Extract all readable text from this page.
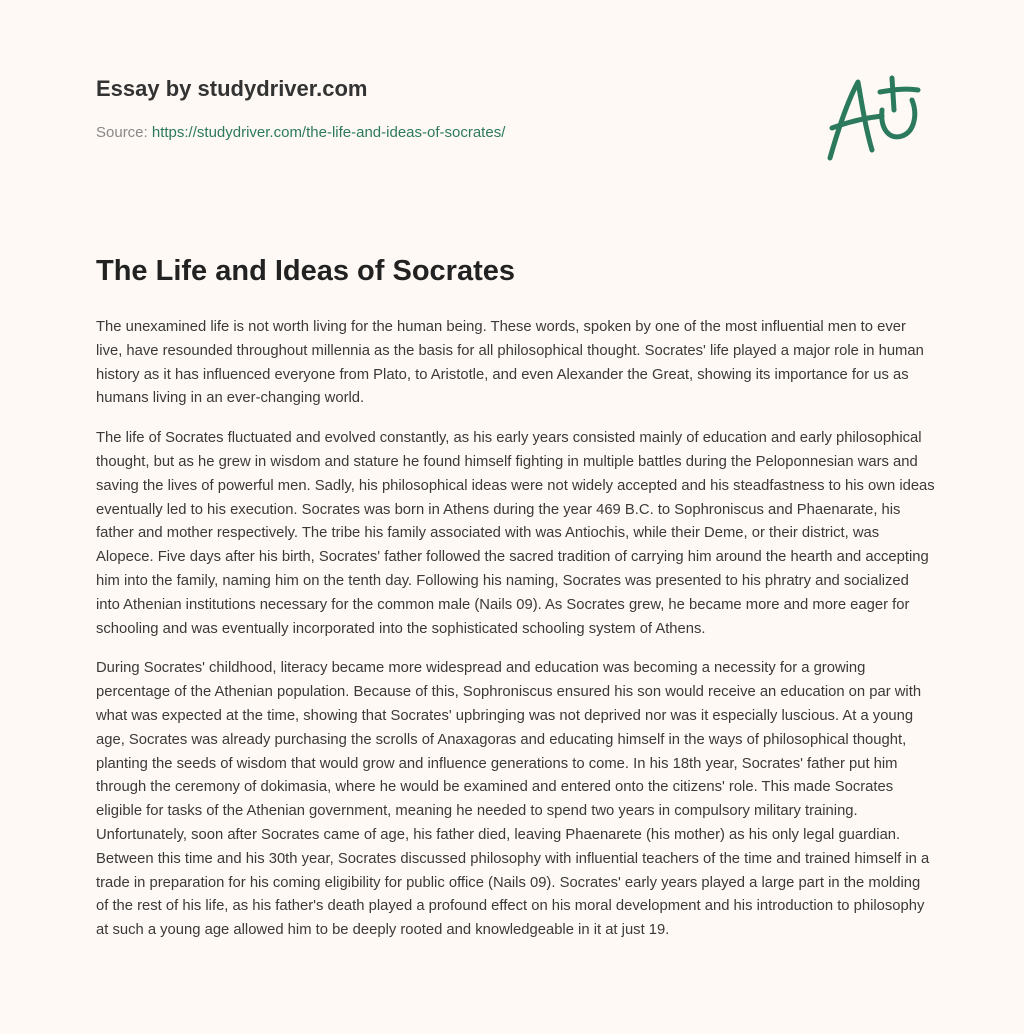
Essay by studydriver.com
Source: https://studydriver.com/the-life-and-ideas-of-socrates/
The Life and Ideas of Socrates

The unexamined life is not worth living for the human being. These words, spoken by one of the most influential men to ever live, have resounded throughout millennia as the basis for all philosophical thought. Socrates' life played a major role in human history as it has influenced everyone from Plato, to Aristotle, and even Alexander the Great, showing its importance for us as humans living in an ever-changing world.

The life of Socrates fluctuated and evolved constantly, as his early years consisted mainly of education and early philosophical thought, but as he grew in wisdom and stature he found himself fighting in multiple battles during the Peloponnesian wars and saving the lives of powerful men. Sadly, his philosophical ideas were not widely accepted and his steadfastness to his own ideas eventually led to his execution. Socrates was born in Athens during the year 469 B.C. to Sophroniscus and Phaenarate, his father and mother respectively. The tribe his family associated with was Antiochis, while their Deme, or their district, was Alopece. Five days after his birth, Socrates' father followed the sacred tradition of carrying him around the hearth and accepting him into the family, naming him on the tenth day. Following his naming, Socrates was presented to his phratry and socialized into Athenian institutions necessary for the common male (Nails 09). As Socrates grew, he became more and more eager for schooling and was eventually incorporated into the sophisticated schooling system of Athens.

During Socrates' childhood, literacy became more widespread and education was becoming a necessity for a growing percentage of the Athenian population. Because of this, Sophroniscus ensured his son would receive an education on par with what was expected at the time, showing that Socrates' upbringing was not deprived nor was it especially luscious. At a young age, Socrates was already purchasing the scrolls of Anaxagoras and educating himself in the ways of philosophical thought, planting the seeds of wisdom that would grow and influence generations to come. In his 18th year, Socrates' father put him through the ceremony of dokimasia, where he would be examined and entered onto the citizens' role. This made Socrates eligible for tasks of the Athenian government, meaning he needed to spend two years in compulsory military training. Unfortunately, soon after Socrates came of age, his father died, leaving Phaenarete (his mother) as his only legal guardian. Between this time and his 30th year, Socrates discussed philosophy with influential teachers of the time and trained himself in a trade in preparation for his coming eligibility for public office (Nails 09). Socrates' early years played a large part in the molding of the rest of his life, as his father's death played a profound effect on his moral development and his introduction to philosophy at such a young age allowed him to be deeply rooted and knowledgeable in it at just 19.
